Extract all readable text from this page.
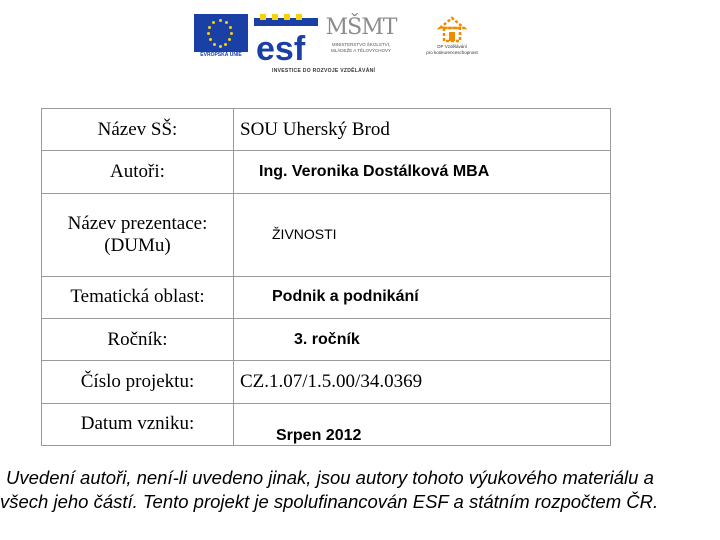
EVROPSKÁ UNIE esf
MŠMT
MINISTERSTVO ŠKOLSTVÍ,
MLÁDEŽE A TĚLOVÝCHOVY
OP Vzdělávání
pro konkurenceschopnost
INVESTICE DO ROZVOJE VZDĚLÁVÁNÍ
Název SŠ:	SOU Uherský Brod
Autoři:	Ing. Veronika Dostálková MBA
Název prezentace: (DUMu)	ŽIVNOSTI
Tematická oblast:	Podnik a podnikání
Ročník:	3. ročník
Číslo projektu:	CZ.1.07/1.5.00/34.0369
Datum vzniku:	Srpen 2012
Uvedení autoři, není-li uvedeno jinak, jsou autory tohoto výukového materiálu a
všech jeho částí. Tento projekt je spolufinancován ESF a státním rozpočtem ČR.
